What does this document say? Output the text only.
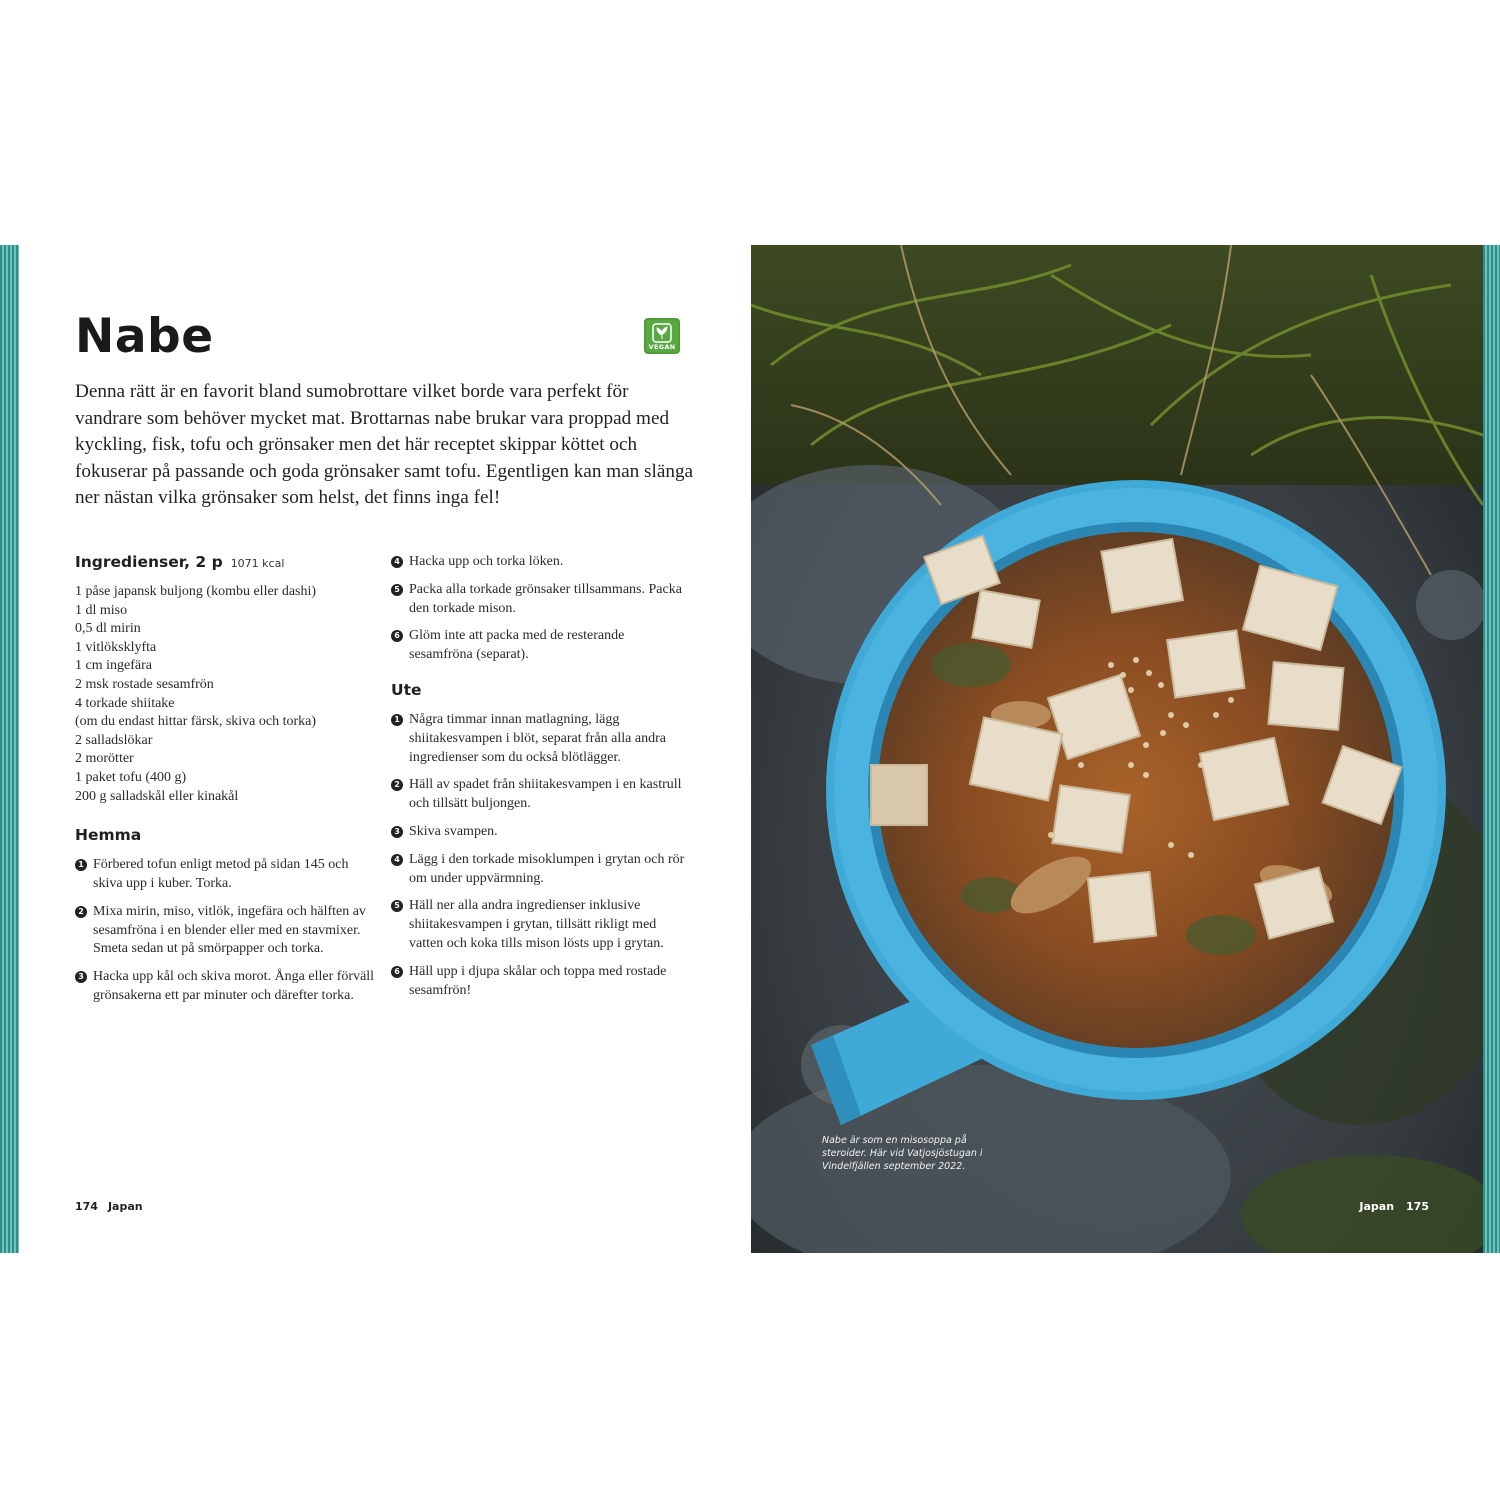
Nabe	VEGAN

Denna rätt är en favorit bland sumobrottare vilket borde vara perfekt för vandrare som behöver mycket mat. Brottarnas nabe brukar vara proppad med kyckling, fisk, tofu och grönsaker men det här receptet skippar köttet och fokuserar på passande och goda grönsaker samt tofu. Egentligen kan man slänga ner nästan vilka grönsaker som helst, det finns inga fel!

Ingredienser, 2 p 1071 kcal
1 påse japansk buljong (kombu eller dashi)
1 dl miso
0,5 dl mirin
1 vitlöksklyfta
1 cm ingefära
2 msk rostade sesamfrön
4 torkade shiitake
(om du endast hittar färsk, skiva och torka)
2 salladslökar
2 morötter
1 paket tofu (400 g)
200 g salladskål eller kinakål
Hemma
1 Förbered tofun enligt metod på sidan 145 och skiva upp i kuber. Torka.
2 Mixa mirin, miso, vitlök, ingefära och hälften av sesamfröna i en blender eller med en stavmixer. Smeta sedan ut på smörpapper och torka.
3 Hacka upp kål och skiva morot. Ånga eller förväll grönsakerna ett par minuter och därefter torka.
4 Hacka upp och torka löken.
5 Packa alla torkade grönsaker tillsammans. Packa den torkade mison.
6 Glöm inte att packa med de resterande sesamfröna (separat).
Ute
1 Några timmar innan matlagning, lägg shiitakesvampen i blöt, separat från alla andra ingredienser som du också blötlägger.
2 Häll av spadet från shiitakesvampen i en kastrull och tillsätt buljongen.
3 Skiva svampen.
4 Lägg i den torkade misoklumpen i grytan och rör om under uppvärmning.
5 Häll ner alla andra ingredienser inklusive shiitakesvampen i grytan, tillsätt rikligt med vatten och koka tills mison lösts upp i grytan.
6 Häll upp i djupa skålar och toppa med rostade sesamfrön!
174 Japan

Nabe är som en misosoppa på steroider. Här vid Vatjosjöstugan i Vindelfjällen september 2022.

Japan 175
